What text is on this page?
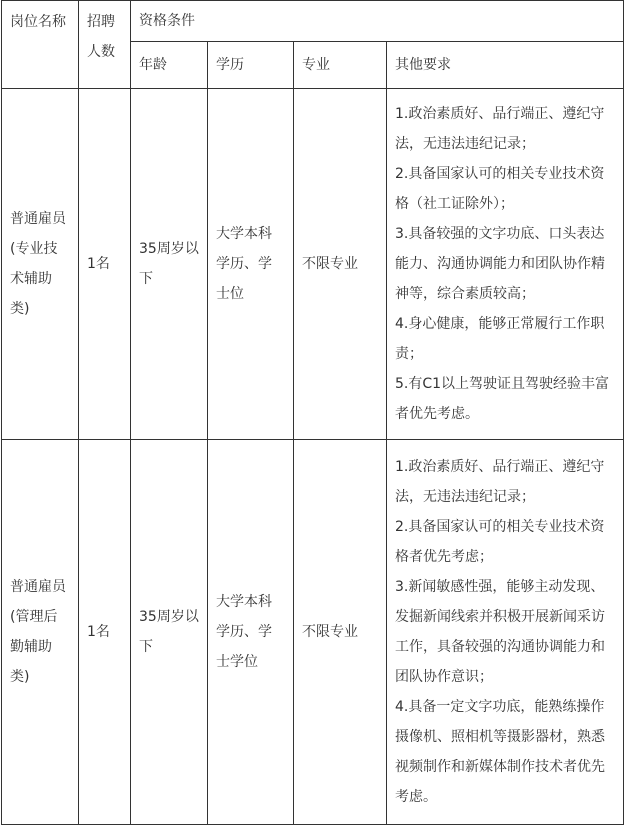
岗位名称	招聘人数	资格条件			
		年龄	学历	专业	其他要求
普通雇员(专业技术辅助类)	1名	35周岁以下	大学本科学历、学士位	不限专业	1.政治素质好、品行端正、遵纪守法，无违法违纪记录；
2.具备国家认可的相关专业技术资格（社工证除外）；
3.具备较强的文字功底、口头表达能力、沟通协调能力和团队协作精神等，综合素质较高；
4.身心健康，能够正常履行工作职责；
5.有C1以上驾驶证且驾驶经验丰富者优先考虑。

普通雇员(管理后勤辅助类)	1名	35周岁以下	大学本科学历、学士学位	不限专业	1.政治素质好、品行端正、遵纪守法，无违法违纪记录；
2.具备国家认可的相关专业技术资格者优先考虑；
3.新闻敏感性强，能够主动发现、发掘新闻线索并积极开展新闻采访工作，具备较强的沟通协调能力和团队协作意识；
4.具备一定文字功底，能熟练操作摄像机、照相机等摄影器材，熟悉视频制作和新媒体制作技术者优先考虑。
